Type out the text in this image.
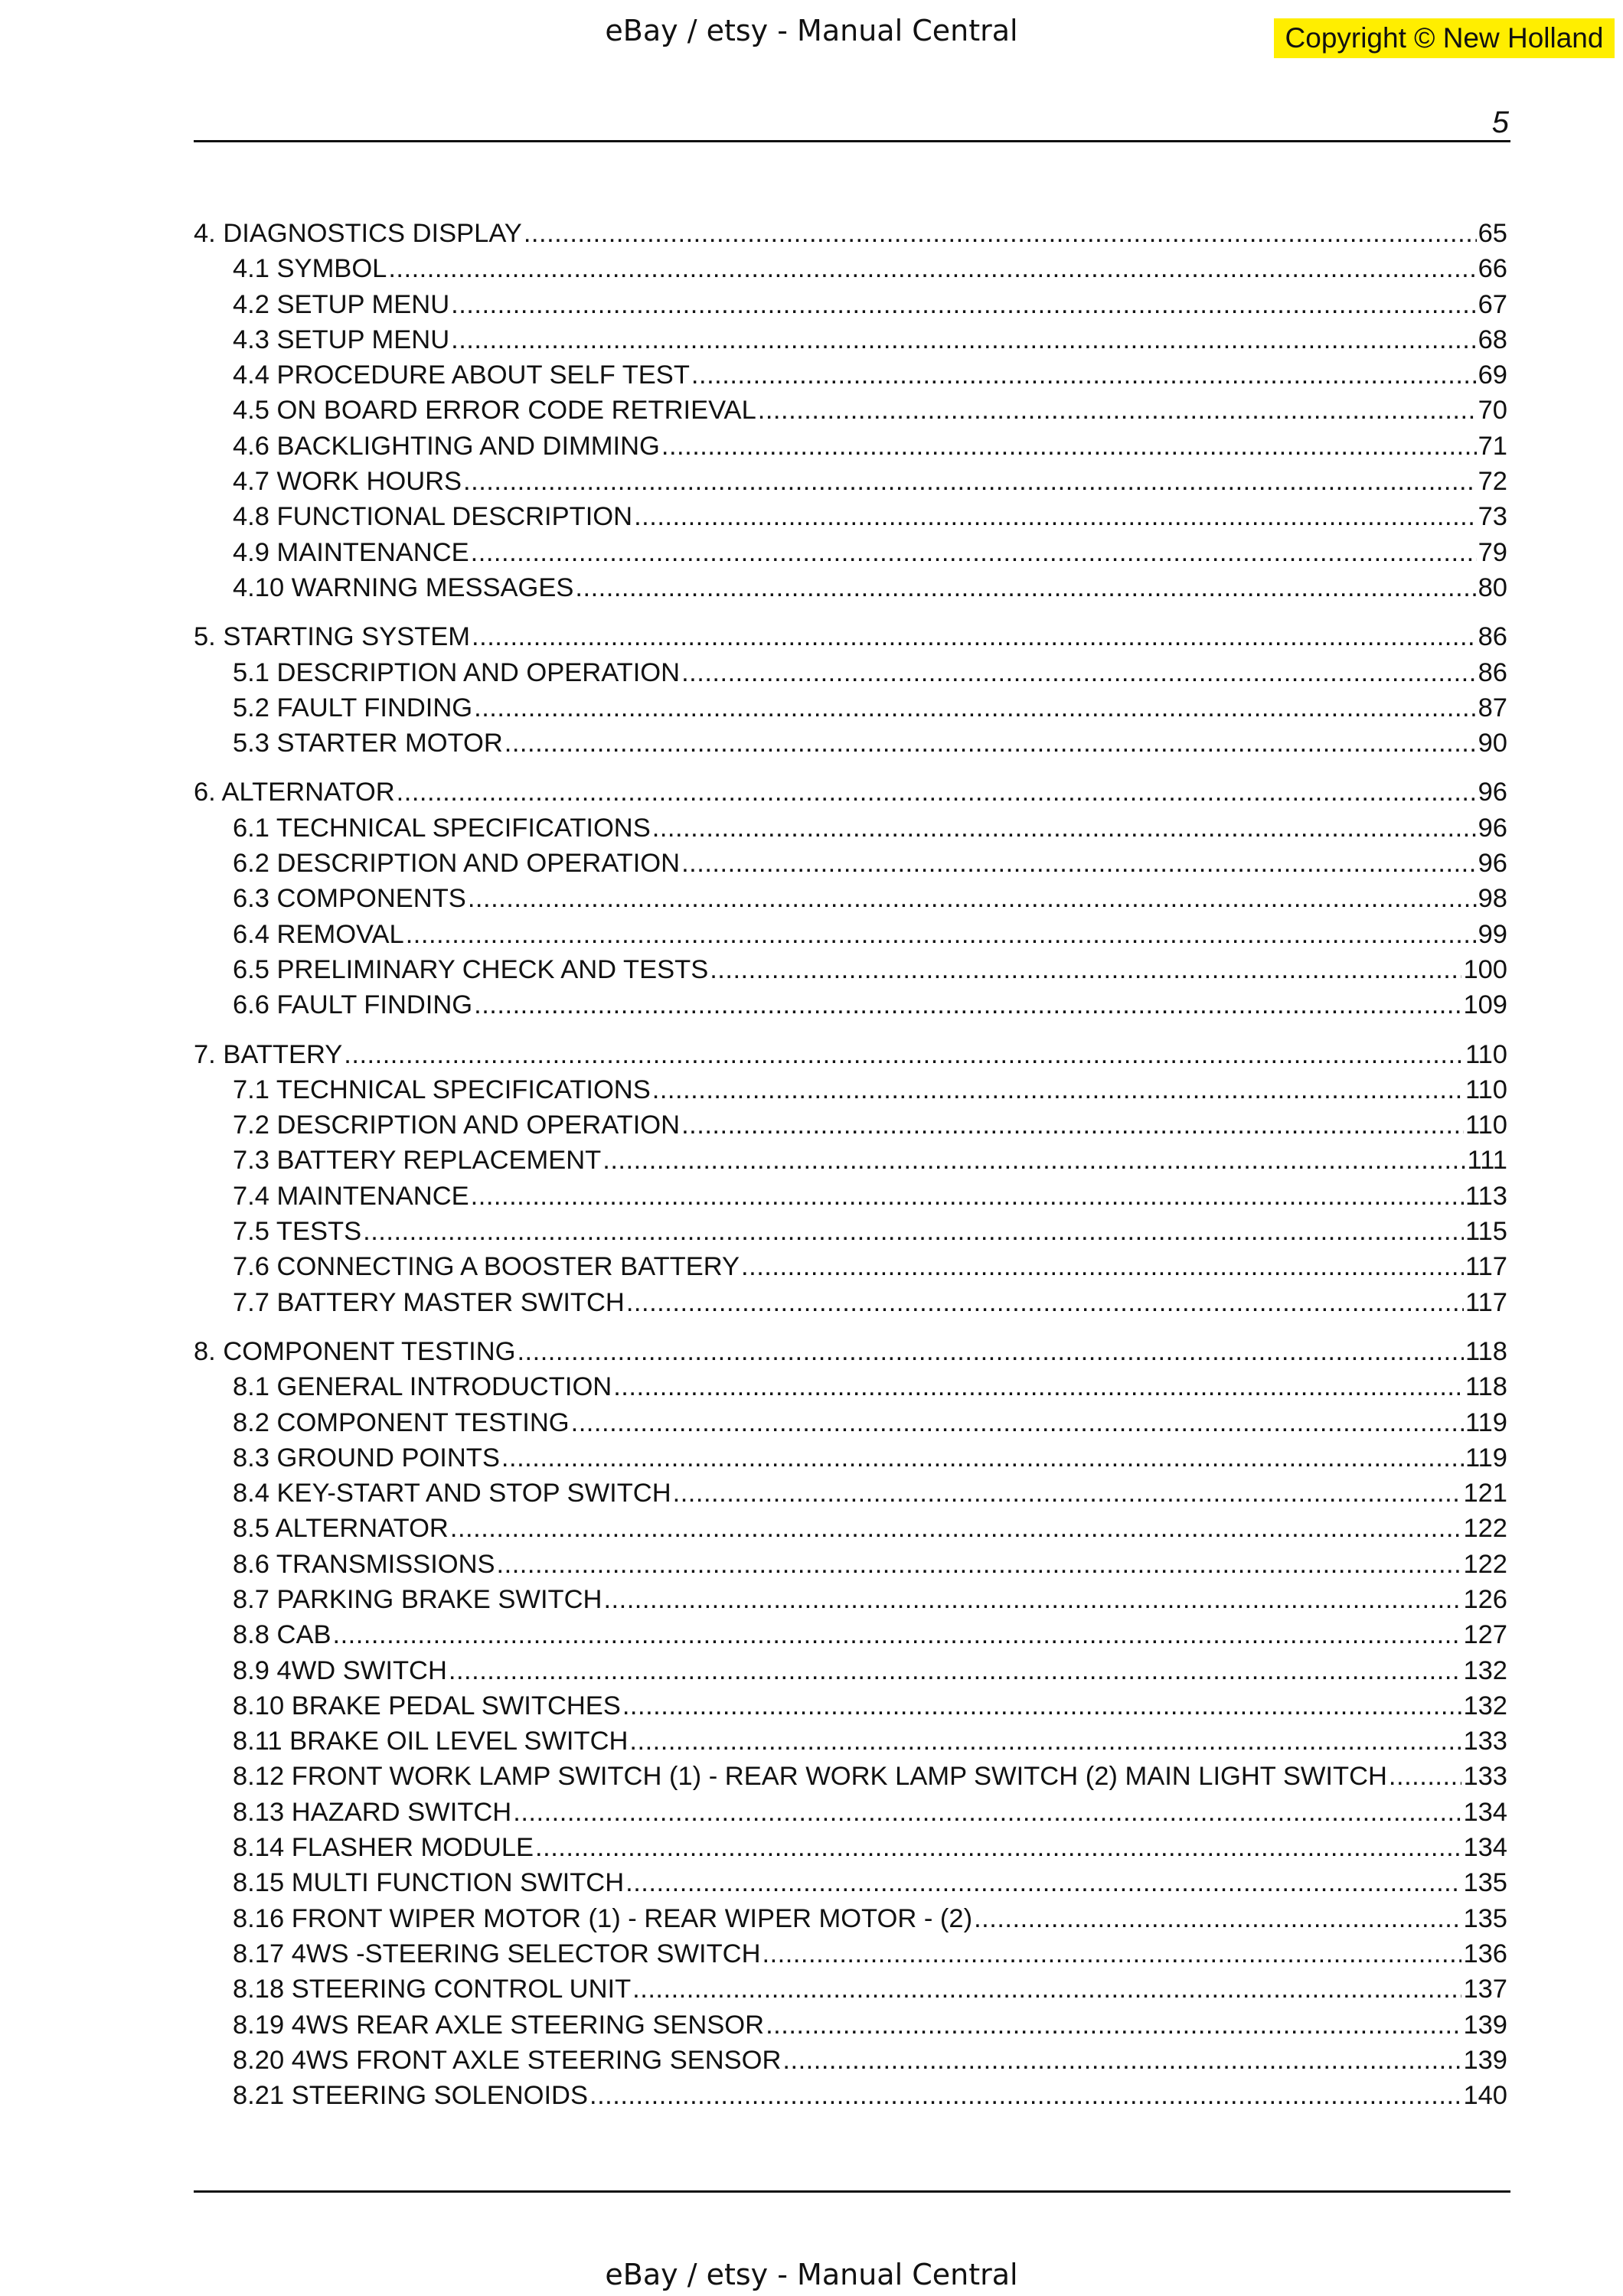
eBay / etsy - Manual Central	Copyright © New Holland
5
4. DIAGNOSTICS DISPLAY .....	65
4.1 SYMBOL .....	66
4.2 SETUP MENU .....	67
4.3 SETUP MENU .....	68
4.4 PROCEDURE ABOUT SELF TEST .....	69
4.5 ON BOARD ERROR CODE RETRIEVAL .....	70
4.6 BACKLIGHTING AND DIMMING .....	71
4.7 WORK HOURS .....	72
4.8 FUNCTIONAL DESCRIPTION .....	73
4.9 MAINTENANCE .....	79
4.10 WARNING MESSAGES .....	80
5. STARTING SYSTEM .....	86
5.1 DESCRIPTION AND OPERATION .....	86
5.2 FAULT FINDING .....	87
5.3 STARTER MOTOR .....	90
6. ALTERNATOR .....	96
6.1 TECHNICAL SPECIFICATIONS .....	96
6.2 DESCRIPTION AND OPERATION .....	96
6.3 COMPONENTS .....	98
6.4 REMOVAL .....	99
6.5 PRELIMINARY CHECK AND TESTS .....	100
6.6 FAULT FINDING .....	109
7. BATTERY .....	110
7.1 TECHNICAL SPECIFICATIONS .....	110
7.2 DESCRIPTION AND OPERATION .....	110
7.3 BATTERY REPLACEMENT .....	111
7.4 MAINTENANCE .....	113
7.5 TESTS .....	115
7.6 CONNECTING A BOOSTER BATTERY .....	117
7.7 BATTERY MASTER SWITCH .....	117
8. COMPONENT TESTING .....	118
8.1 GENERAL INTRODUCTION .....	118
8.2 COMPONENT TESTING .....	119
8.3 GROUND POINTS .....	119
8.4 KEY-START AND STOP SWITCH .....	121
8.5 ALTERNATOR .....	122
8.6 TRANSMISSIONS .....	122
8.7 PARKING BRAKE SWITCH .....	126
8.8 CAB .....	127
8.9 4WD SWITCH .....	132
8.10 BRAKE PEDAL SWITCHES .....	132
8.11 BRAKE OIL LEVEL SWITCH .....	133
8.12 FRONT WORK LAMP SWITCH (1) - REAR WORK LAMP SWITCH (2) MAIN LIGHT SWITCH .....	133
8.13 HAZARD SWITCH .....	134
8.14 FLASHER MODULE .....	134
8.15 MULTI FUNCTION SWITCH .....	135
8.16 FRONT WIPER MOTOR (1) - REAR WIPER MOTOR - (2) .....	135
8.17 4WS -STEERING SELECTOR SWITCH .....	136
8.18 STEERING CONTROL UNIT .....	137
8.19 4WS REAR AXLE STEERING SENSOR .....	139
8.20 4WS FRONT AXLE STEERING SENSOR .....	139
8.21 STEERING SOLENOIDS .....	140
eBay / etsy - Manual Central
